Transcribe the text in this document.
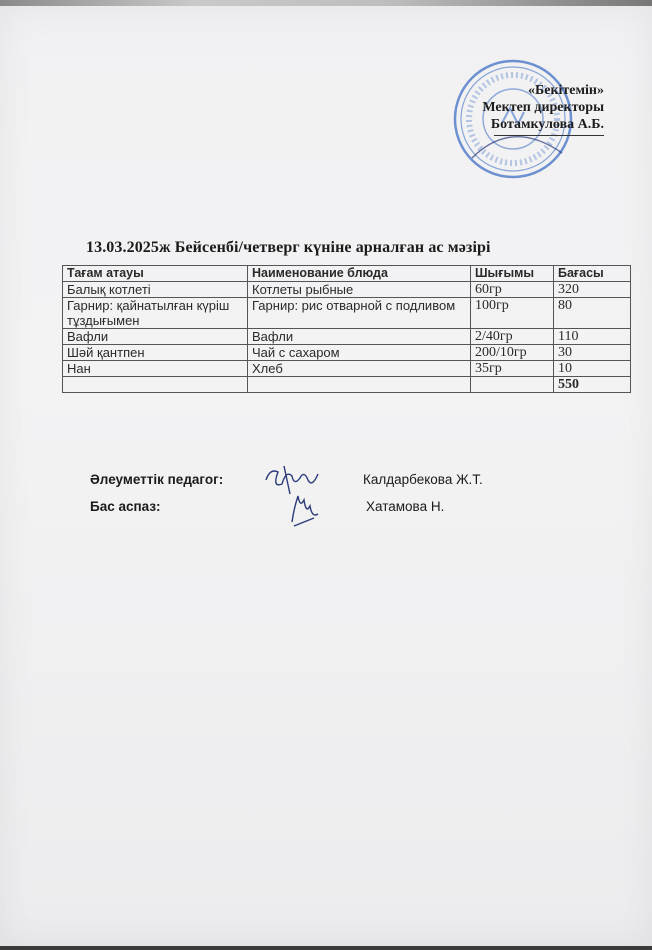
«Бекітемін»
Мектеп директоры
Ботамкулова А.Б.
13.03.2025ж Бейсенбі/четверг күніне арналған ас мәзірі
Тағам атауы	Наименование блюда	Шығымы	Бағасы
Балық котлеті	Котлеты рыбные	60гр	320
Гарнир: қайнатылған күріш тұздығымен	Гарнир: рис отварной с подливом	100гр	80
Вафли	Вафли	2/40гр	110
Шәй қантпен	Чай с сахаром	200/10гр	30
Нан	Хлеб	35гр	10
			550
Әлеуметтік педагог:	Калдарбекова Ж.Т.
Бас аспаз:	Хатамова Н.
